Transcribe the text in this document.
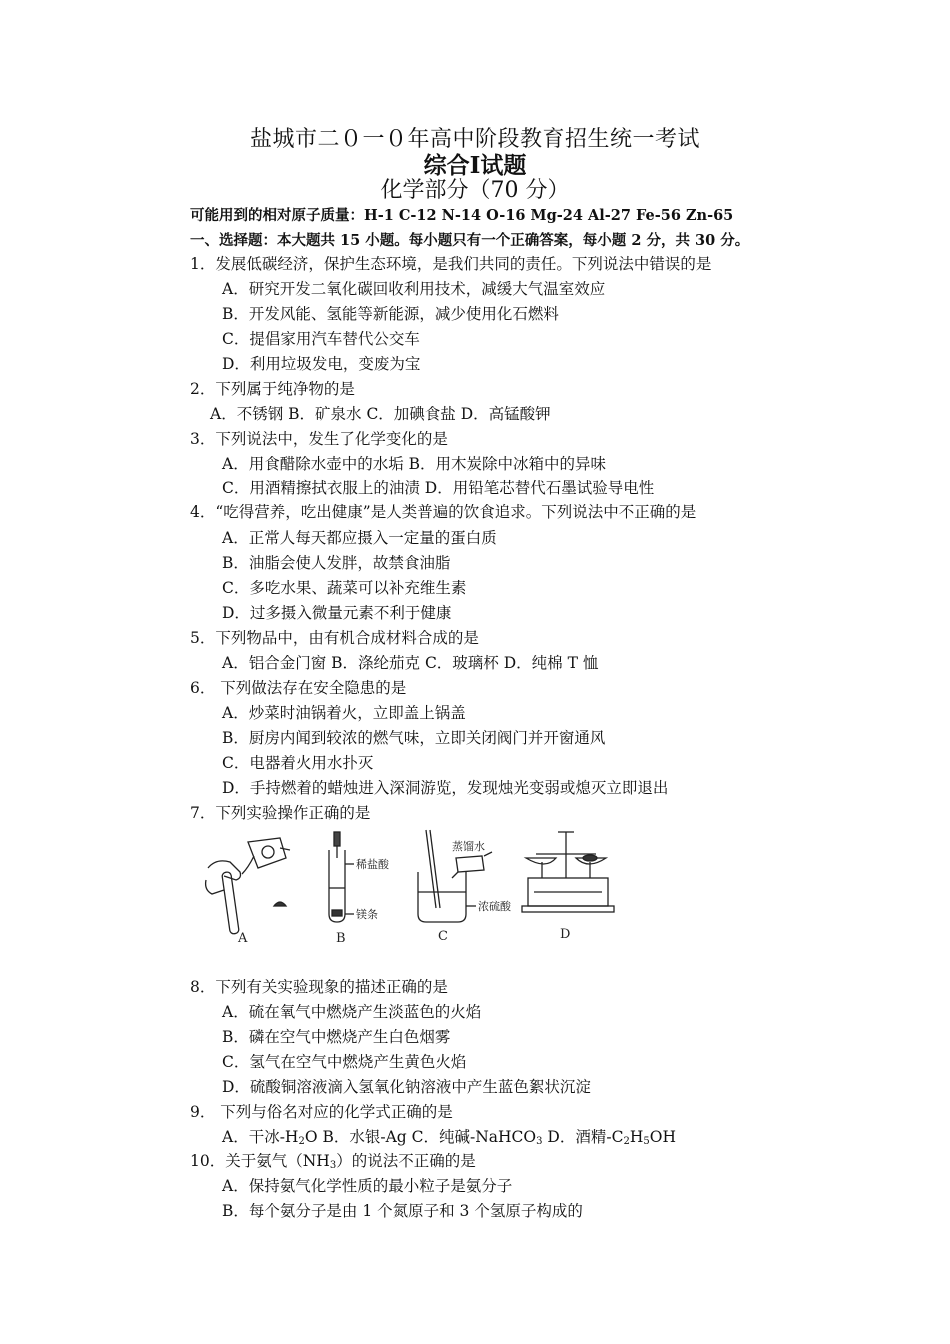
盐城市二０一０年高中阶段教育招生统一考试
综合Ⅰ试题
化学部分（70 分）
可能用到的相对原子质量：H-1 C-12 N-14 O-16 Mg-24 Al-27 Fe-56 Zn-65
一、选择题：本大题共 15 小题。每小题只有一个正确答案，每小题 2 分，共 30 分。
1．发展低碳经济，保护生态环境，是我们共同的责任。下列说法中错误的是
A．研究开发二氧化碳回收利用技术，减缓大气温室效应
B．开发风能、氢能等新能源，减少使用化石燃料
C．提倡家用汽车替代公交车
D．利用垃圾发电，变废为宝
2．下列属于纯净物的是
A．不锈钢 B．矿泉水 C．加碘食盐 D．高锰酸钾
3．下列说法中，发生了化学变化的是
A．用食醋除水壶中的水垢 B．用木炭除中冰箱中的异味
C．用酒精擦拭衣服上的油渍 D．用铅笔芯替代石墨试验导电性
4．“吃得营养，吃出健康”是人类普遍的饮食追求。下列说法中不正确的是
A．正常人每天都应摄入一定量的蛋白质
B．油脂会使人发胖，故禁食油脂
C．多吃水果、蔬菜可以补充维生素
D．过多摄入微量元素不利于健康
5．下列物品中，由有机合成材料合成的是
A．铝合金门窗 B．涤纶茄克 C．玻璃杯 D．纯棉 T 恤
6． 下列做法存在安全隐患的是
A．炒菜时油锅着火，立即盖上锅盖
B．厨房内闻到较浓的燃气味，立即关闭阀门并开窗通风
C．电器着火用水扑灭
D．手持燃着的蜡烛进入深洞游览，发现烛光变弱或熄灭立即退出
7．下列实验操作正确的是
A
稀盐酸
镁条
B
蒸馏水
浓硫酸
C	D
8．下列有关实验现象的描述正确的是
A．硫在氧气中燃烧产生淡蓝色的火焰
B．磷在空气中燃烧产生白色烟雾
C．氢气在空气中燃烧产生黄色火焰
D．硫酸铜溶液滴入氢氧化钠溶液中产生蓝色絮状沉淀
9． 下列与俗名对应的化学式正确的是
A．干冰$-H_2O$ B．水银-Ag C．纯碱-NaHCO$_3$ D．酒精$-C_2H_5OH$
10．关于氨气$(NH_3)$的说法不正确的是
A．保持氨气化学性质的最小粒子是氨分子
B．每个氨分子是由 1 个氮原子和 3 个氢原子构成的
